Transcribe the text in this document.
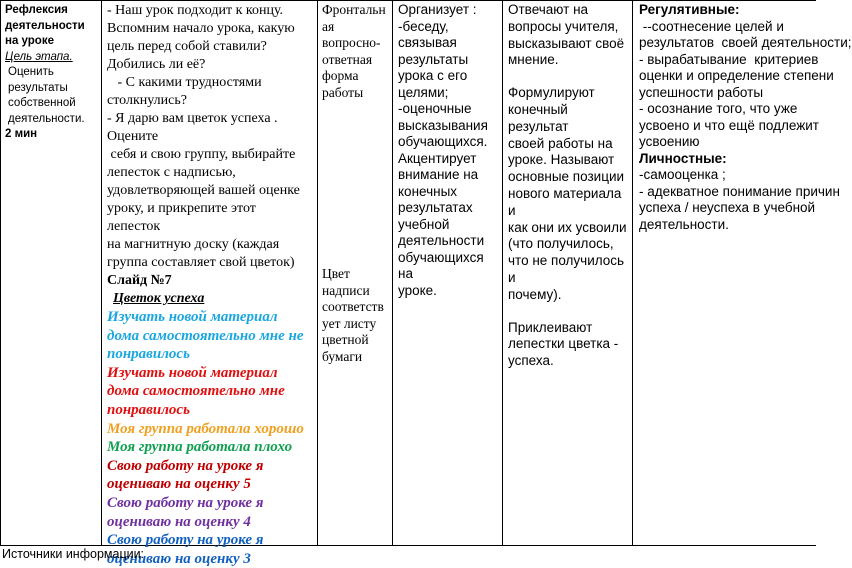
Рефлексия деятельности на уроке
Цель этапа.
Оценить результаты собственной деятельности.
2 мин
- Наш урок подходит к концу.
Вспомним начало урока, какую
цель перед собой ставили?
Добились ли её?
- С какими трудностями
столкнулись?
- Я дарю вам цветок успеха .
Оцените
себя и свою группу, выбирайте
лепесток с надписью,
удовлетворяющей вашей оценке
уроку, и прикрепите этот лепесток
на магнитную доску (каждая
группа составляет свой цветок)
Слайд №7
Цветок успеха
Изучать новой материал
дома самостоятельно мне не
понравилось
Изучать новой материал
дома самостоятельно мне
понравилось
Моя группа работала хорошо
Моя группа работала плохо
Свою работу на уроке я
оцениваю на оценку 5
Свою работу на уроке я
оцениваю на оценку 4
Свою работу на уроке я
оцениваю на оценку 3
Фронтальн
ая
вопросно-
ответная
форма
работы
Цвет
надписи
соответств
ует листу
цветной
бумаги
Организует :
-беседу,
связывая
результаты
урока с его
целями;
-оценочные
высказывания
обучающихся.
Акцентирует
внимание на
конечных
результатах
учебной
деятельности
обучающихся на
уроке.
Отвечают на
вопросы учителя,
высказывают своё
мнение.
Формулируют
конечный результат
своей работы на
уроке. Называют
основные позиции
нового материала и
как они их усвоили
(что получилось,
что не получилось и
почему).
Приклеивают
лепестки цветка -
успеха.
Регулятивные:
--соотнесение целей и
результатов  своей деятельности;
- вырабатывание  критериев
оценки и определение степени
успешности работы
- осознание того, что уже
усвоено и что ещё подлежит
усвоению
Личностные:
-самооценка ;
- адекватное понимание причин
успеха / неуспеха в учебной
деятельности.
Источники информации:
